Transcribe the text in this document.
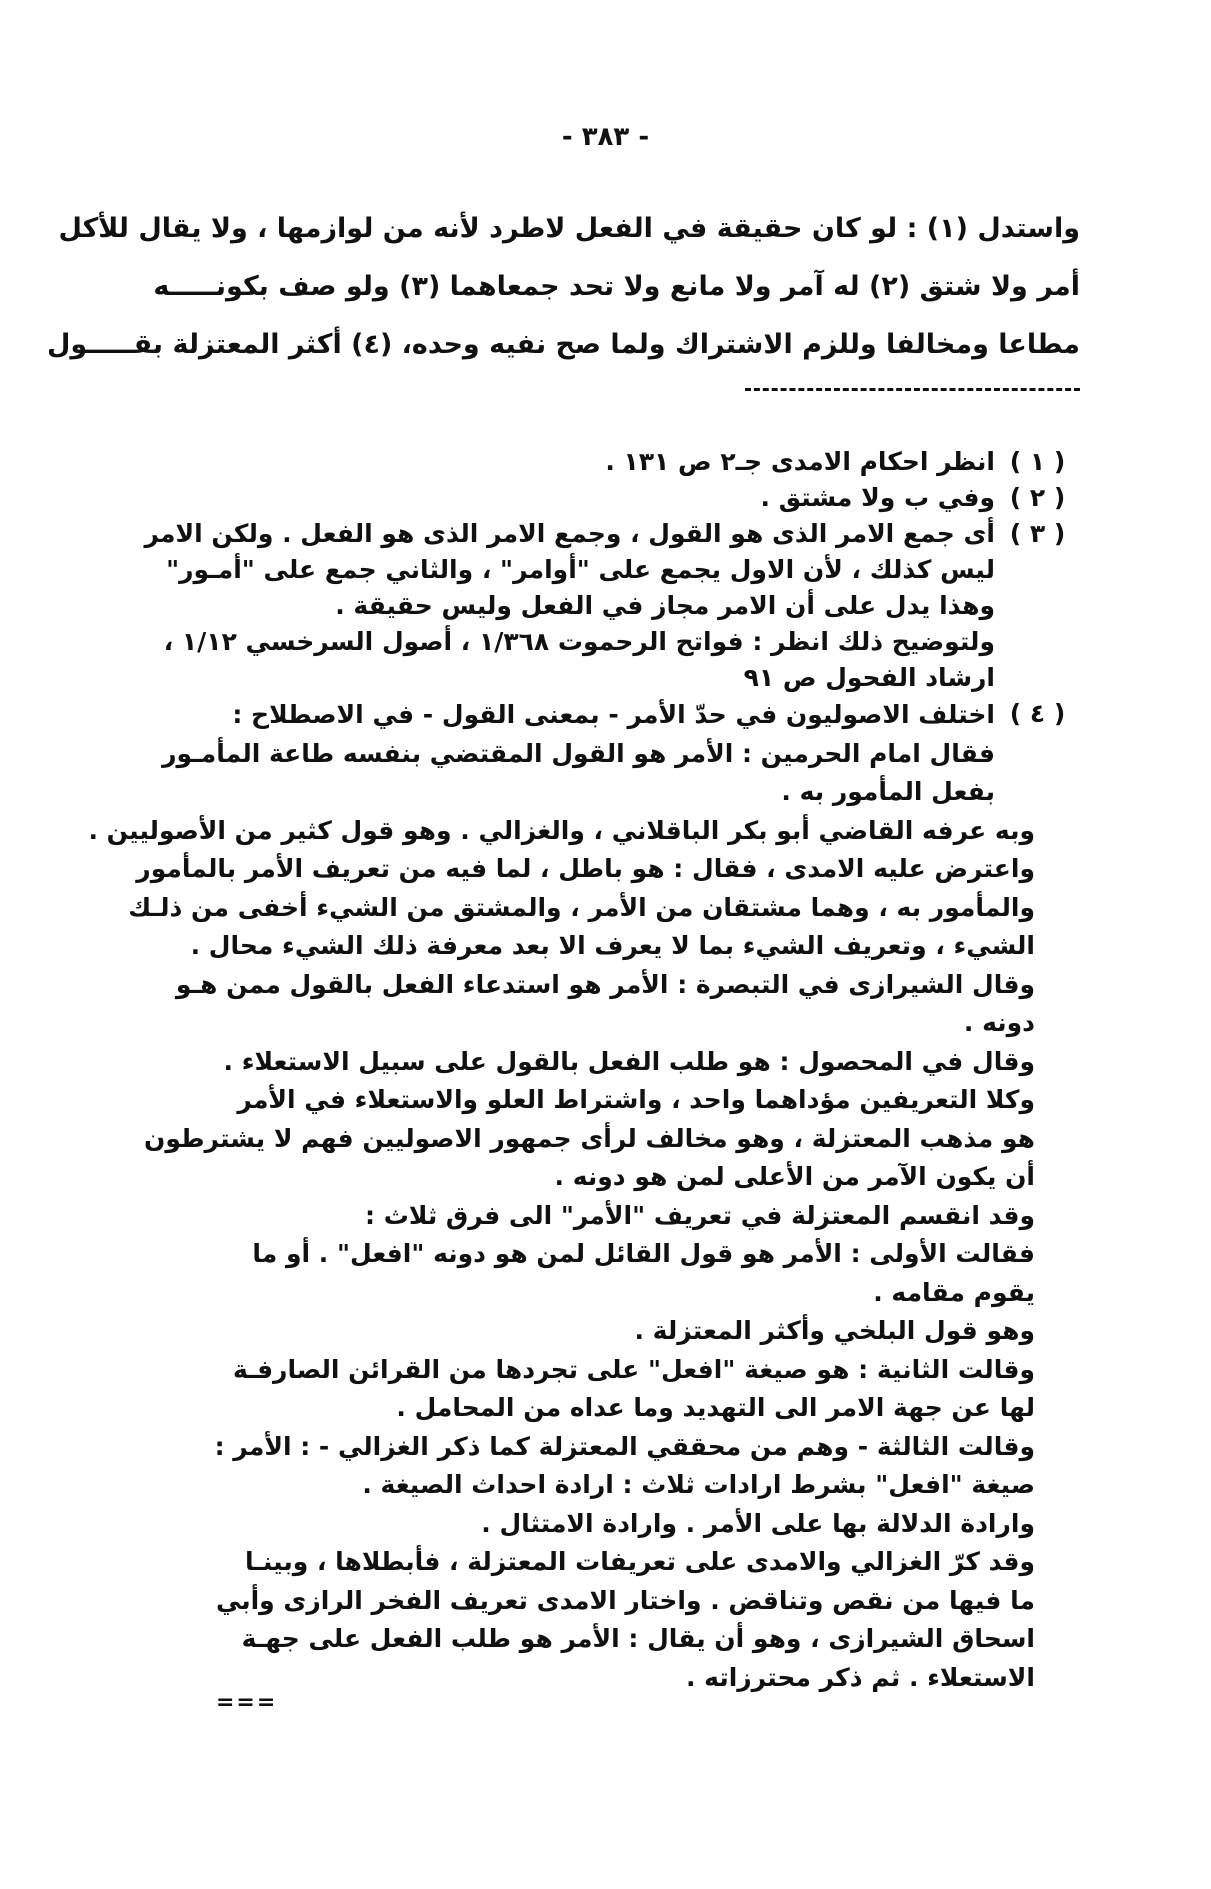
- ٣٨٣ -
واستدل (١) : لو كان حقيقة في الفعل لاطرد لأنه من لوازمها ، ولا يقال للأكل
أمر ولا شتق (٢) له آمر ولا مانع ولا تحد جمعاهما (٣) ولو صف بكونـــــه
مطاعا ومخالفا وللزم الاشتراك ولما صح نفيه وحده، (٤) أكثر المعتزلة بقـــــول
( ١ )
انظر احكام الامدى جـ٢ ص ١٣١ .
( ٢ )
وفي ب ولا مشتق .
( ٣ )
أى جمع الامر الذى هو القول ، وجمع الامر الذى هو الفعل . ولكن الامر
ليس كذلك ، لأن الاول يجمع على "أوامر" ، والثاني جمع على "أمـور"
وهذا يدل على أن الامر مجاز في الفعل وليس حقيقة .
ولتوضيح ذلك انظر : فواتح الرحموت ١/٣٦٨ ، أصول السرخسي ١/١٢ ،
ارشاد الفحول ص ٩١
( ٤ )
اختلف الاصوليون في حدّ الأمر - بمعنى القول - في الاصطلاح :
فقال امام الحرمين : الأمر هو القول المقتضي بنفسه طاعة المأمـور
بفعل المأمور به .
وبه عرفه القاضي أبو بكر الباقلاني ، والغزالي . وهو قول كثير من الأصوليين .
واعترض عليه الامدى ، فقال : هو باطل ، لما فيه من تعريف الأمر بالمأمور
والمأمور به ، وهما مشتقان من الأمر ، والمشتق من الشيء أخفى من ذلـك
الشيء ، وتعريف الشيء بما لا يعرف الا بعد معرفة ذلك الشيء محال .
وقال الشيرازى في التبصرة : الأمر هو استدعاء الفعل بالقول ممن هـو
دونه .
وقال في المحصول : هو طلب الفعل بالقول على سبيل الاستعلاء .
وكلا التعريفين مؤداهما واحد ، واشتراط العلو والاستعلاء في الأمر
هو مذهب المعتزلة ، وهو مخالف لرأى جمهور الاصوليين فهم لا يشترطون
أن يكون الآمر من الأعلى لمن هو دونه .
وقد انقسم المعتزلة في تعريف "الأمر" الى فرق ثلاث :
فقالت الأولى : الأمر هو قول القائل لمن هو دونه "افعل" . أو ما
يقوم مقامه .
وهو قول البلخي وأكثر المعتزلة .
وقالت الثانية : هو صيغة "افعل" على تجردها من القرائن الصارفـة
لها عن جهة الامر الى التهديد وما عداه من المحامل .
وقالت الثالثة - وهم من محققي المعتزلة كما ذكر الغزالي - : الأمر :
صيغة "افعل" بشرط ارادات ثلاث : ارادة احداث الصيغة .
وارادة الدلالة بها على الأمر . وارادة الامتثال .
وقد كرّ الغزالي والامدى على تعريفات المعتزلة ، فأبطلاها ، وبينـا
ما فيها من نقص وتناقض . واختار الامدى تعريف الفخر الرازى وأبي
اسحاق الشيرازى ، وهو أن يقال : الأمر هو طلب الفعل على جهـة
الاستعلاء . ثم ذكر محترزاته .
===
